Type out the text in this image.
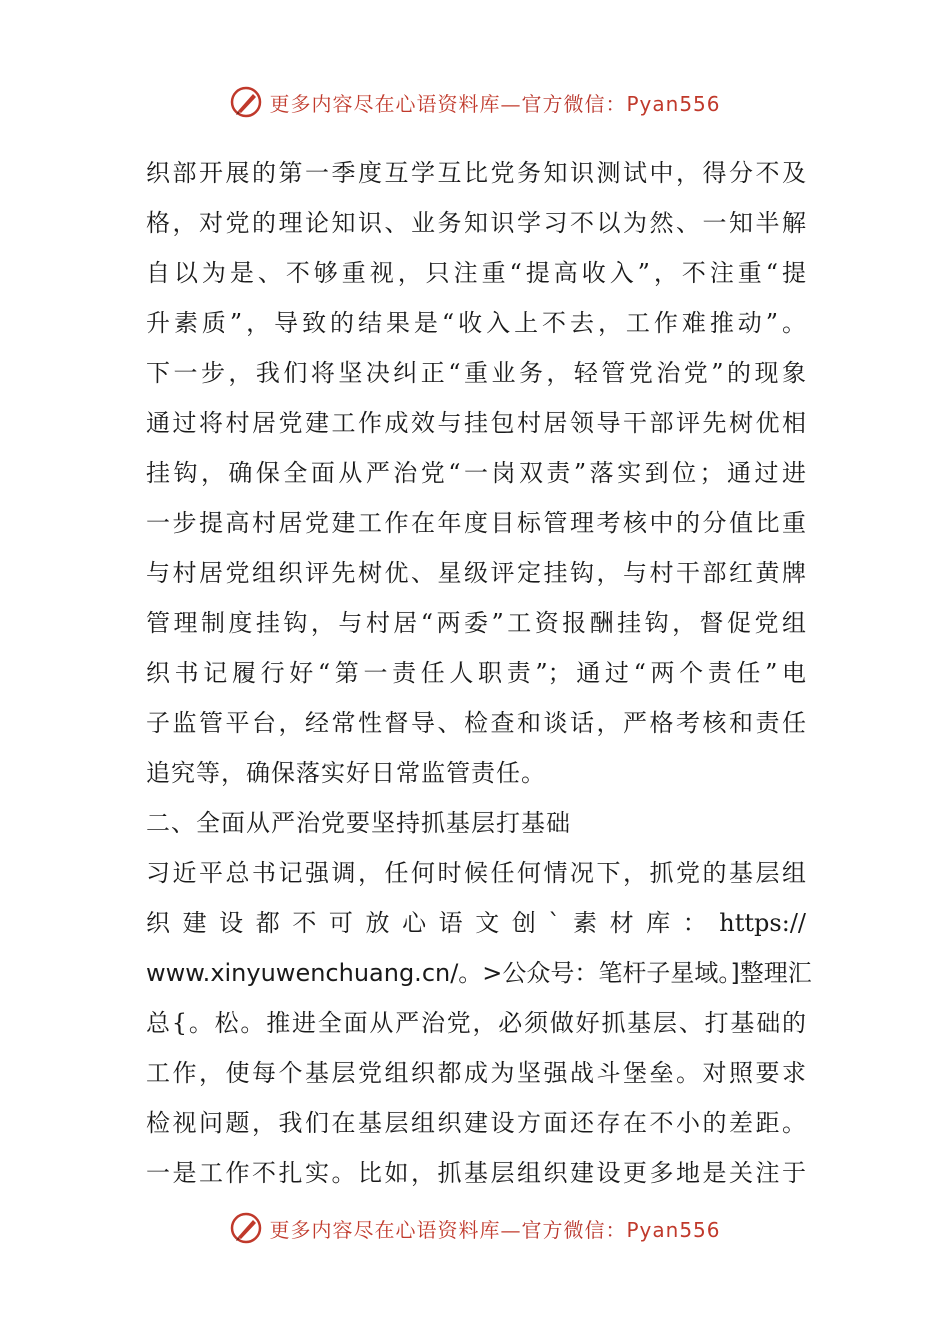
更多内容尽在心语资料库—官方微信：Pyan556
织部开展的第一季度互学互比党务知识测试中，得分不及
格，对党的理论知识、业务知识学习不以为然、一知半解
自以为是、不够重视，只注重“提高收入”，不注重“提
升素质”，导致的结果是“收入上不去，工作难推动”。
下一步，我们将坚决纠正“重业务，轻管党治党”的现象
通过将村居党建工作成效与挂包村居领导干部评先树优相
挂钩，确保全面从严治党“一岗双责”落实到位；通过进
一步提高村居党建工作在年度目标管理考核中的分值比重
与村居党组织评先树优、星级评定挂钩，与村干部红黄牌
管理制度挂钩，与村居“两委”工资报酬挂钩，督促党组
织书记履行好“第一责任人职责”；通过“两个责任”电
子监管平台，经常性督导、检查和谈话，严格考核和责任
追究等，确保落实好日常监管责任。
二、全面从严治党要坚持抓基层打基础
习近平总书记强调，任何时候任何情况下，抓党的基层组
织建设都不可放心语文创`素材库：https://
www.xinyuwenchuang.cn/。>公众号：笔杆子星域。]整理汇
总{。松。推进全面从严治党，必须做好抓基层、打基础的
工作，使每个基层党组织都成为坚强战斗堡垒。对照要求
检视问题，我们在基层组织建设方面还存在不小的差距。
一是工作不扎实。比如，抓基层组织建设更多地是关注于
更多内容尽在心语资料库—官方微信：Pyan556
